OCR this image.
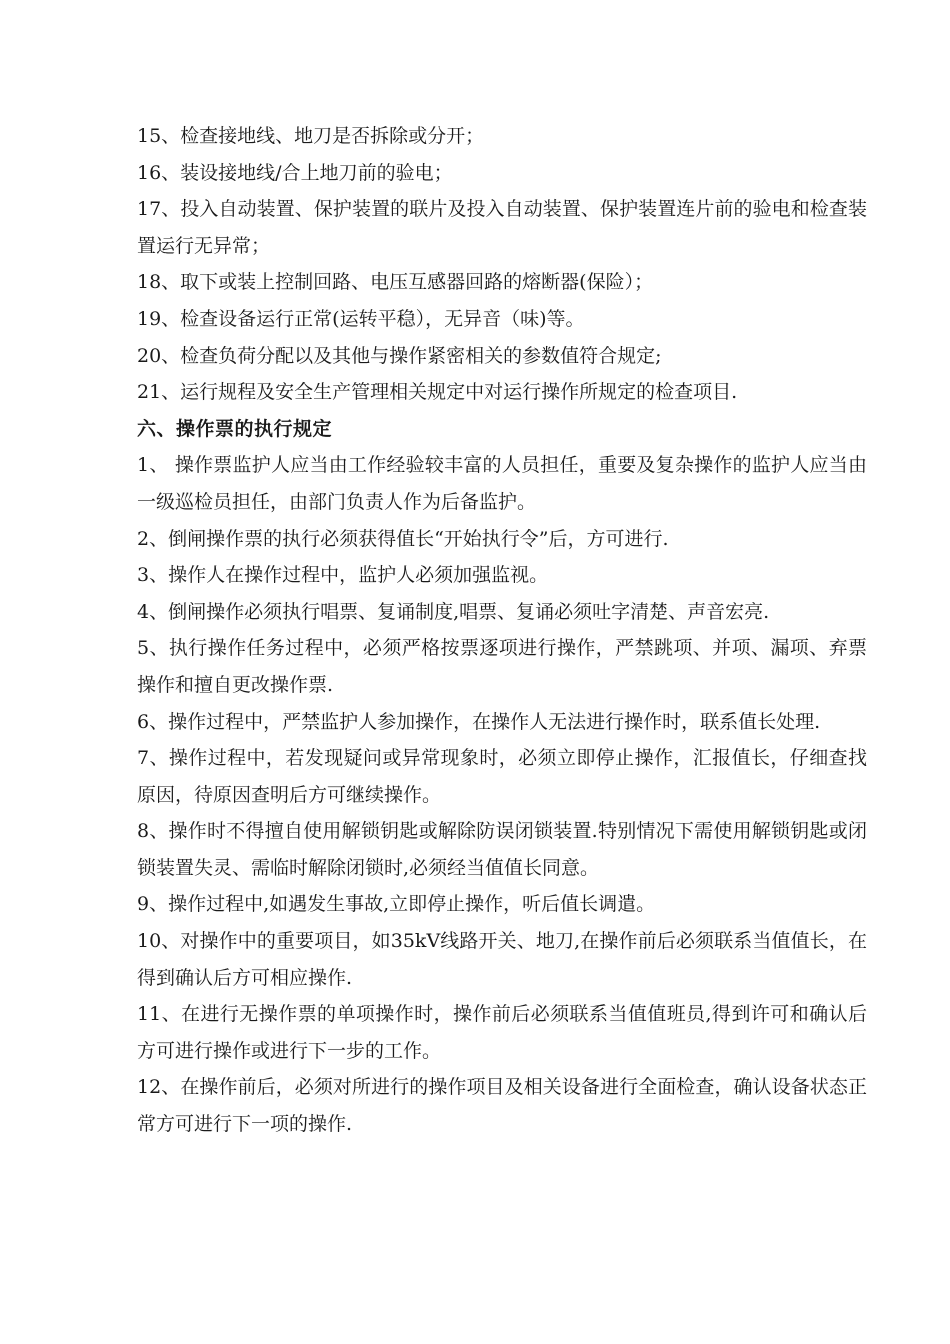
15、检查接地线、地刀是否拆除或分开；

16、装设接地线/合上地刀前的验电；

17、投入自动装置、保护装置的联片及投入自动装置、保护装置连片前的验电和检查装置运行无异常；

18、取下或装上控制回路、电压互感器回路的熔断器(保险）；

19、检查设备运行正常(运转平稳），无异音（味)等。

20、检查负荷分配以及其他与操作紧密相关的参数值符合规定;

21、运行规程及安全生产管理相关规定中对运行操作所规定的检查项目.

六、操作票的执行规定

1、 操作票监护人应当由工作经验较丰富的人员担任，重要及复杂操作的监护人应当由一级巡检员担任，由部门负责人作为后备监护。

2、倒闸操作票的执行必须获得值长“开始执行令”后，方可进行.

3、操作人在操作过程中，监护人必须加强监视。

4、倒闸操作必须执行唱票、复诵制度,唱票、复诵必须吐字清楚、声音宏亮.

5、执行操作任务过程中，必须严格按票逐项进行操作，严禁跳项、并项、漏项、弃票操作和擅自更改操作票.

6、操作过程中，严禁监护人参加操作，在操作人无法进行操作时，联系值长处理.

7、操作过程中，若发现疑问或异常现象时，必须立即停止操作，汇报值长，仔细查找原因，待原因查明后方可继续操作。

8、操作时不得擅自使用解锁钥匙或解除防误闭锁装置.特别情况下需使用解锁钥匙或闭锁装置失灵、需临时解除闭锁时,必须经当值值长同意。

9、操作过程中,如遇发生事故,立即停止操作，听后值长调遣。

10、对操作中的重要项目，如35kV线路开关、地刀,在操作前后必须联系当值值长，在得到确认后方可相应操作.

11、在进行无操作票的单项操作时，操作前后必须联系当值值班员,得到许可和确认后方可进行操作或进行下一步的工作。

12、在操作前后，必须对所进行的操作项目及相关设备进行全面检查，确认设备状态正常方可进行下一项的操作.
